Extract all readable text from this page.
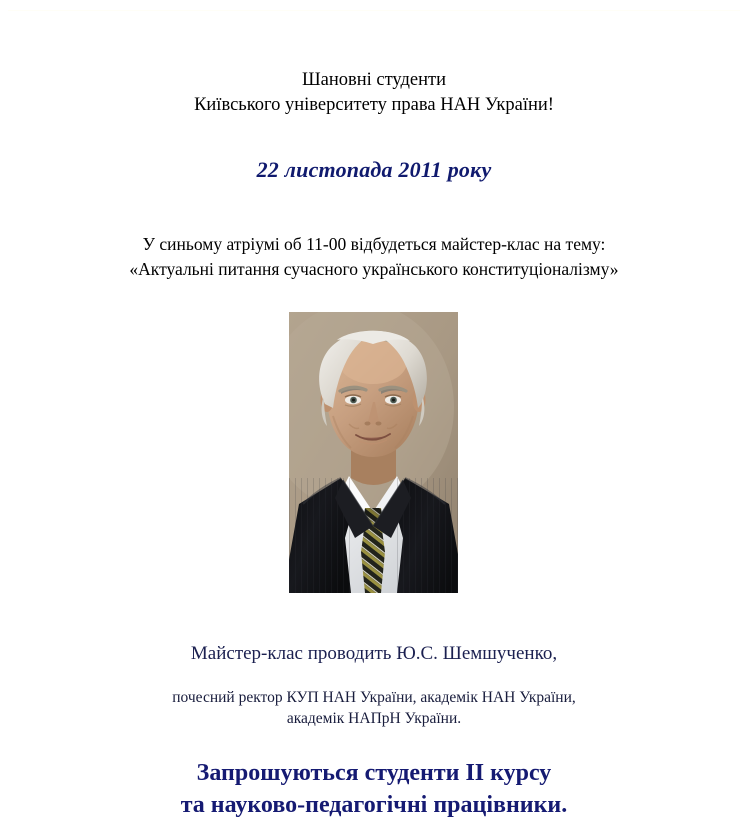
Шановні студенти
Київського університету права НАН України!
22 листопада 2011 року
У синьому атріумі об 11-00 відбудеться майстер-клас на тему:
«Актуальні питання сучасного українського конституціоналізму»
Майстер-клас проводить Ю.С. Шемшученко,
почесний ректор КУП НАН України, академік НАН України,
академік НАПрН України.
Запрошуються студенти II курсу
та науково-педагогічні працівники.
